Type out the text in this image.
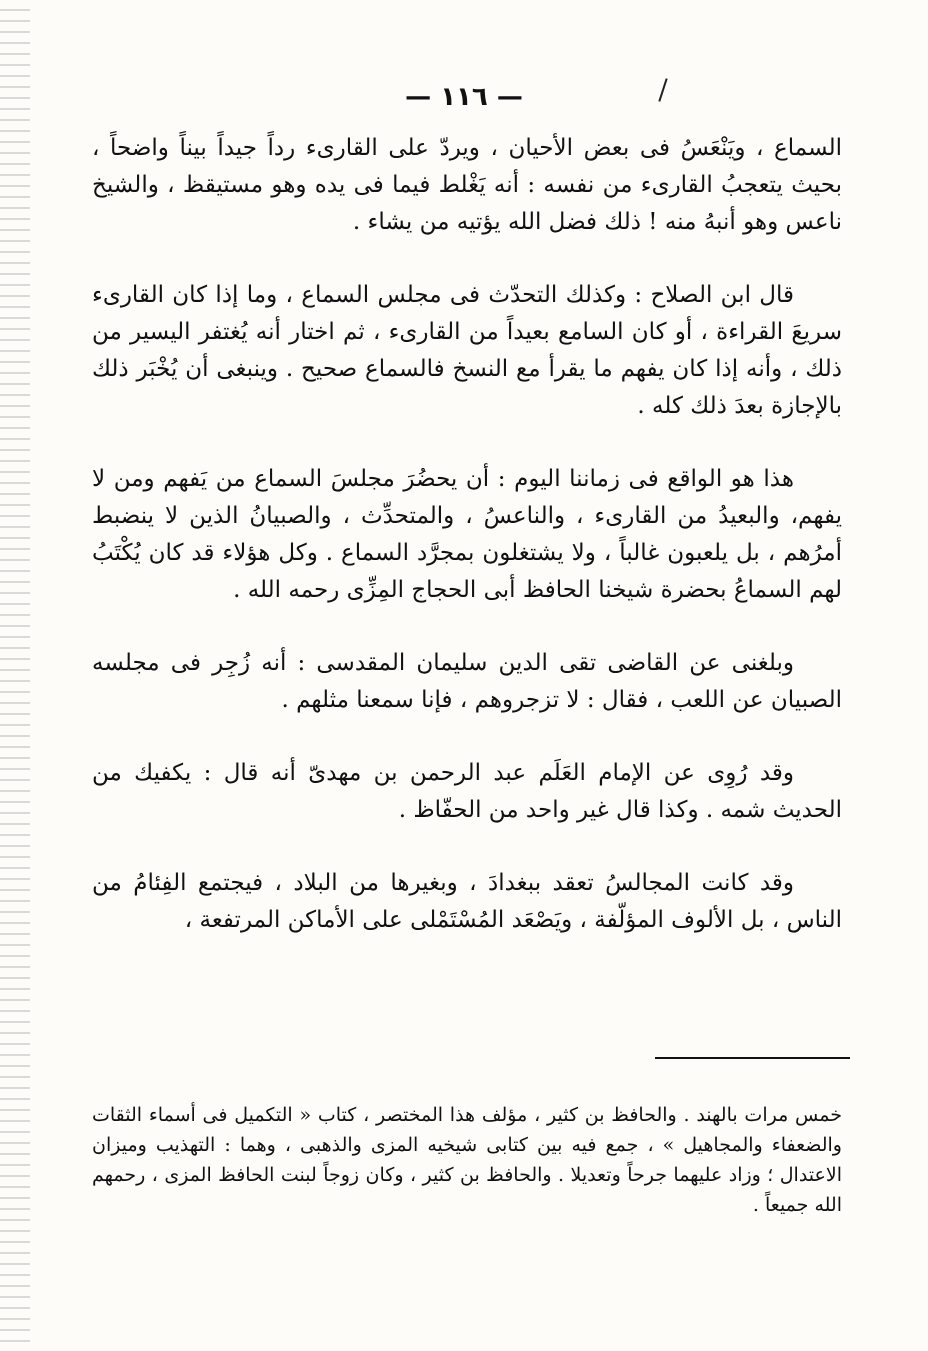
— ١١٦ —

السماع ، ويَنْعَسُ فى بعض الأحيان ، ويردّ على القارىء رداً جيداً بيناً واضحاً ، بحيث يتعجبُ القارىء من نفسه : أنه يَغْلط فيما فى يده وهو مستيقظ ، والشيخ ناعس وهو أنبهُ منه ! ذلك فضل الله يؤتيه من يشاء .

قال ابن الصلاح : وكذلك التحدّث فى مجلس السماع ، وما إذا كان القارىء سريعَ القراءة ، أو كان السامع بعيداً من القارىء ، ثم اختار أنه يُغتفر اليسير من ذلك ، وأنه إذا كان يفهم ما يقرأ مع النسخ فالسماع صحيح . وينبغى أن يُخْبَر ذلك بالإجازة بعدَ ذلك كله .

هذا هو الواقع فى زماننا اليوم : أن يحضُرَ مجلسَ السماع من يَفهم ومن لا يفهم، والبعيدُ من القارىء ، والناعسُ ، والمتحدِّث ، والصبيانُ الذين لا ينضبط أمرُهم ، بل يلعبون غالباً ، ولا يشتغلون بمجرَّد السماع . وكل هؤلاء قد كان يُكْتَبُ لهم السماعُ بحضرة شيخنا الحافظ أبى الحجاج المِزِّى رحمه الله .

وبلغنى عن القاضى تقى الدين سليمان المقدسى : أنه زُجِر فى مجلسه الصبيان عن اللعب ، فقال : لا تزجروهم ، فإنا سمعنا مثلهم .

وقد رُوِى عن الإمام العَلَم عبد الرحمن بن مهدىّ أنه قال : يكفيك من الحديث شمه . وكذا قال غير واحد من الحفّاظ .

وقد كانت المجالسُ تعقد ببغدادَ ، وبغيرها من البلاد ، فيجتمع الفِئامُ من الناس ، بل الألوف المؤلّفة ، ويَصْعَد المُسْتَمْلى على الأماكن المرتفعة ،

خمس مرات بالهند . والحافظ بن كثير ، مؤلف هذا المختصر ، كتاب « التكميل فى أسماء الثقات والضعفاء والمجاهيل » ، جمع فيه بين كتابى شيخيه المزى والذهبى ، وهما : التهذيب وميزان الاعتدال ؛ وزاد عليهما جرحاً وتعديلا . والحافظ بن كثير ، وكان زوجاً لبنت الحافظ المزى ، رحمهم الله جميعاً .
